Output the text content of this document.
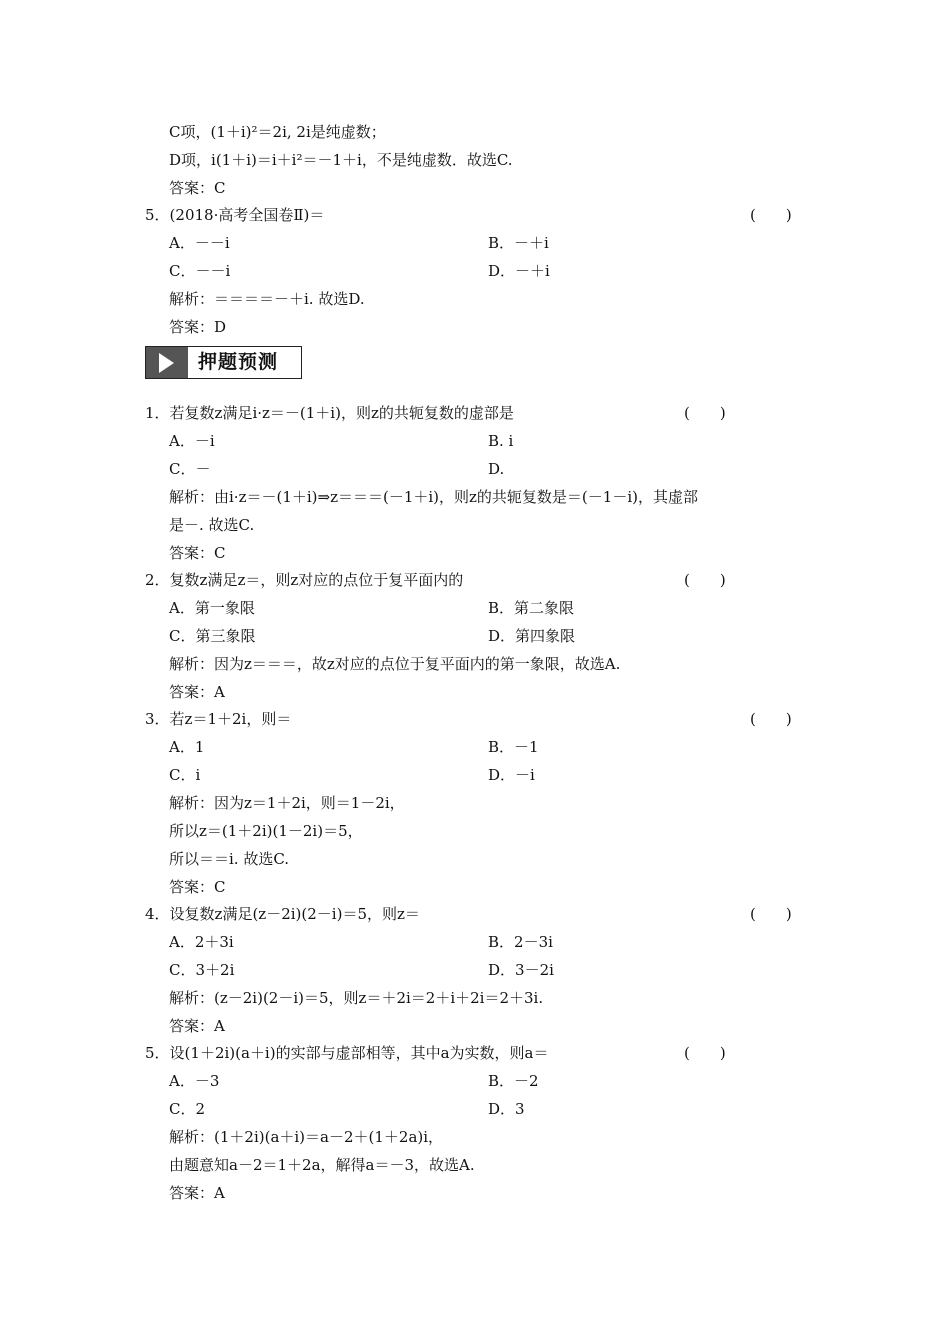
C项，(1＋i)²＝2i, 2i是纯虚数；
D项，i(1＋i)＝i＋i²＝－1＋i，不是纯虚数．故选C.
答案：C
5．(2018·高考全国卷Ⅱ)＝	(　　)
A．－－i	B．－＋i
C．－－i	D．－＋i
解析：＝＝＝＝－＋i. 故选D.
答案：D
押题预测
1．若复数z满足i·z＝－(1＋i)，则z的共轭复数的虚部是	(　　)
A．－i	B. i
C．－	D.
解析：由i·z＝－(1＋i)⇒z＝＝＝(－1＋i)，则z的共轭复数是＝(－1－i)，其虚部
是－. 故选C.
答案：C
2．复数z满足z＝，则z对应的点位于复平面内的	(　　)
A．第一象限	B．第二象限
C．第三象限	D．第四象限
解析：因为z＝＝＝，故z对应的点位于复平面内的第一象限，故选A.
答案：A
3．若z＝1＋2i，则＝	(　　)
A．1	B．－1
C．i	D．－i
解析：因为z＝1＋2i，则＝1－2i，
所以z＝(1＋2i)(1－2i)＝5，
所以＝＝i. 故选C.
答案：C
4．设复数z满足(z－2i)(2－i)＝5，则z＝	(　　)
A．2＋3i	B．2－3i
C．3＋2i	D．3－2i
解析：(z－2i)(2－i)＝5，则z＝＋2i＝2＋i＋2i＝2＋3i.
答案：A
5．设(1＋2i)(a＋i)的实部与虚部相等，其中a为实数，则a＝	(　　)
A．－3	B．－2
C．2	D．3
解析：(1＋2i)(a＋i)＝a－2＋(1＋2a)i，
由题意知a－2＝1＋2a，解得a＝－3，故选A.
答案：A
